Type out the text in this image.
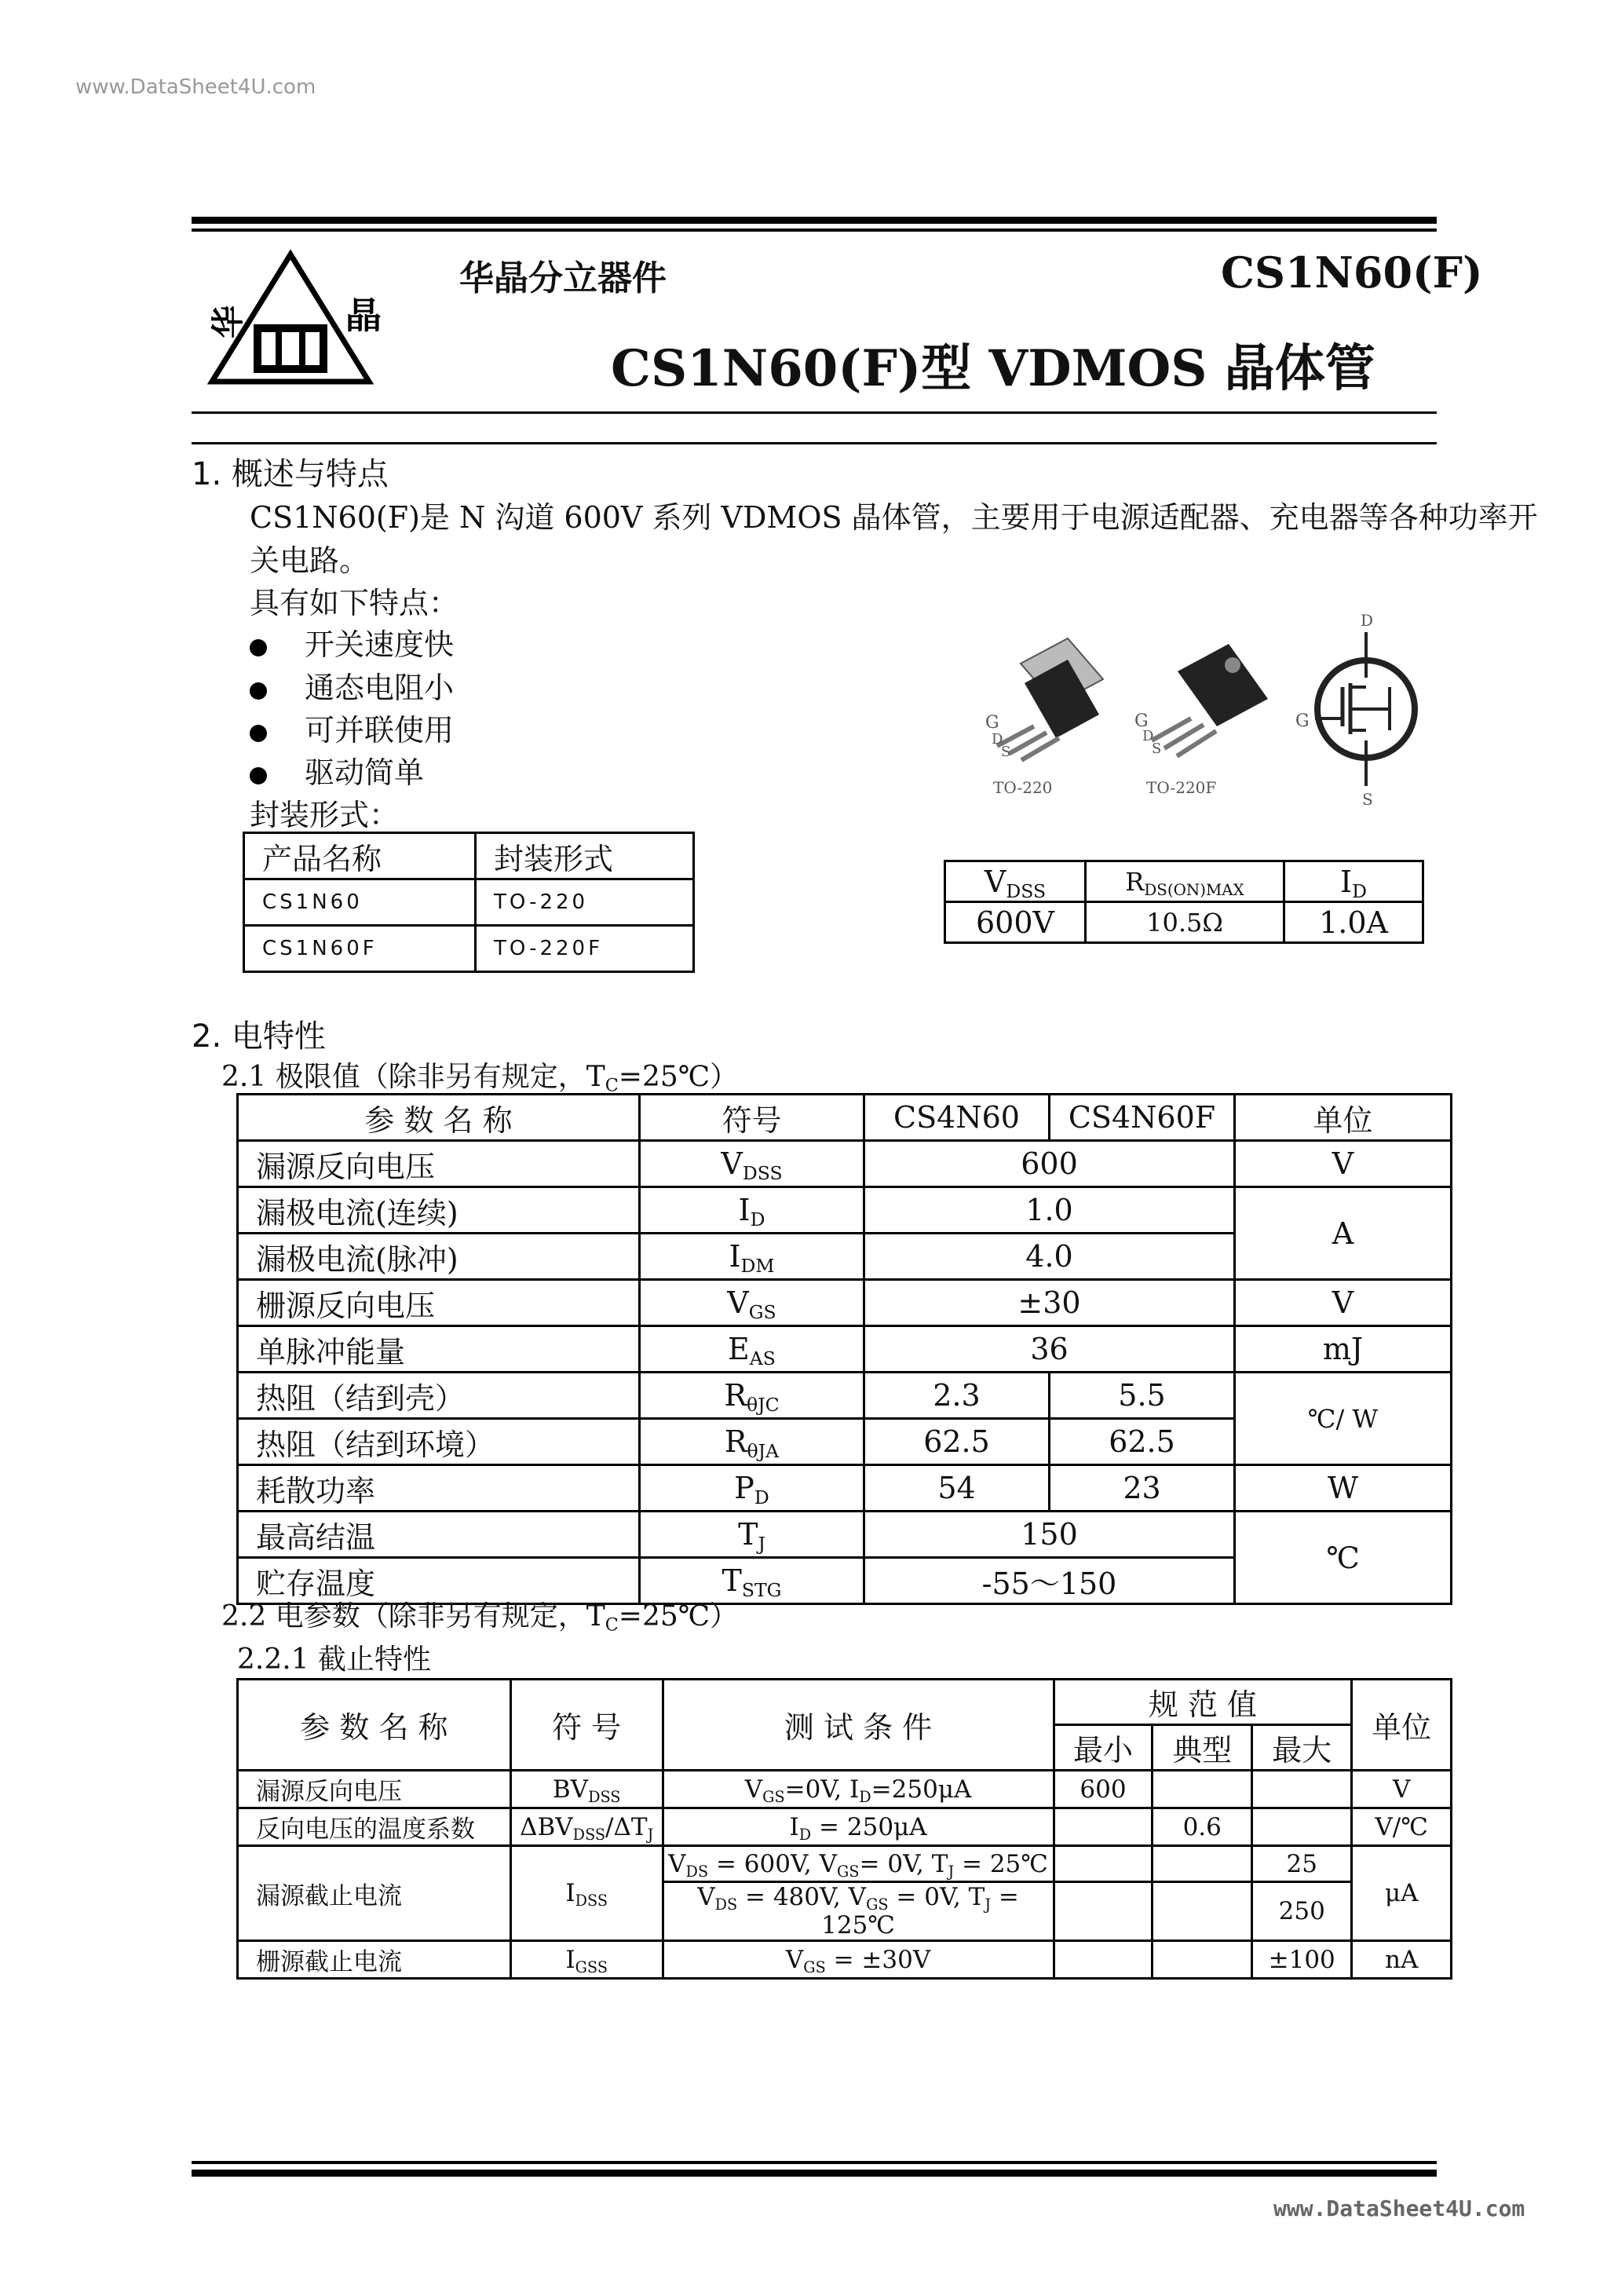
www.DataSheet4U.com
华	晶
华晶分立器件	CS1N60(F)
CS1N60(F)型 VDMOS 晶体管
1. 概述与特点
CS1N60(F)是 N 沟道 600V 系列 VDMOS 晶体管，主要用于电源适配器、充电器等各种功率开
关电路。
具有如下特点：
开关速度快
通态电阻小
可并联使用
驱动简单
封装形式：
产品名称	封装形式
CS1N60	TO-220
CS1N60F	TO-220F
G
D
S
TO-220
G
D
S
TO-220F
D
G
S
$V_{DSS}$	$R_{DS(ON)MAX}$	$I_D$
600V	10.5Ω	1.0A
2. 电特性
2.1 极限值（除非另有规定，$T_C=25℃$）
参 数 名 称	符号	CS4N60	CS4N60F	单位
漏源反向电压	$V_{DSS}$	600		V
漏极电流(连续)	$I_D$	1.0		A
漏极电流(脉冲)	$I_{DM}$	4.0		
栅源反向电压	$V_{GS}$	±30		V
单脉冲能量	$E_{AS}$	36		mJ
热阻（结到壳）	$R_{\theta JC}$	2.3	5.5	℃/ W
热阻（结到环境）	$R_{\theta JA}$	62.5	62.5	
耗散功率	$P_D$	54	23	W
最高结温	$T_J$	150		℃
贮存温度	$T_{STG}$	-55～150		
2.2 电参数（除非另有规定，$T_C=25℃$）
2.2.1 截止特性
参 数 名 称	符 号	测 试 条 件	规 范 值			单位
			最小	典型	最大	
漏源反向电压	$BV_{DSS}$	$V_{GS}=0V$, $I_D=250\mu A$	600			V
反向电压的温度系数	$\Delta BV_{DSS}/\Delta T_J$	$I_D = 250\mu A$		0.6		V/℃
漏源截止电流	$I_{DSS}$	$V_{DS} = 600V$, $V_{GS}= 0V$, $T_J$ = 25℃			25	μA
		$V_{DS} = 480V$, $V_{GS} = 0V$, $T_J$ = 125℃			250	
栅源截止电流	$I_{GSS}$	$V_{GS} = \pm 30V$			±100	nA
www.DataSheet4U.com
